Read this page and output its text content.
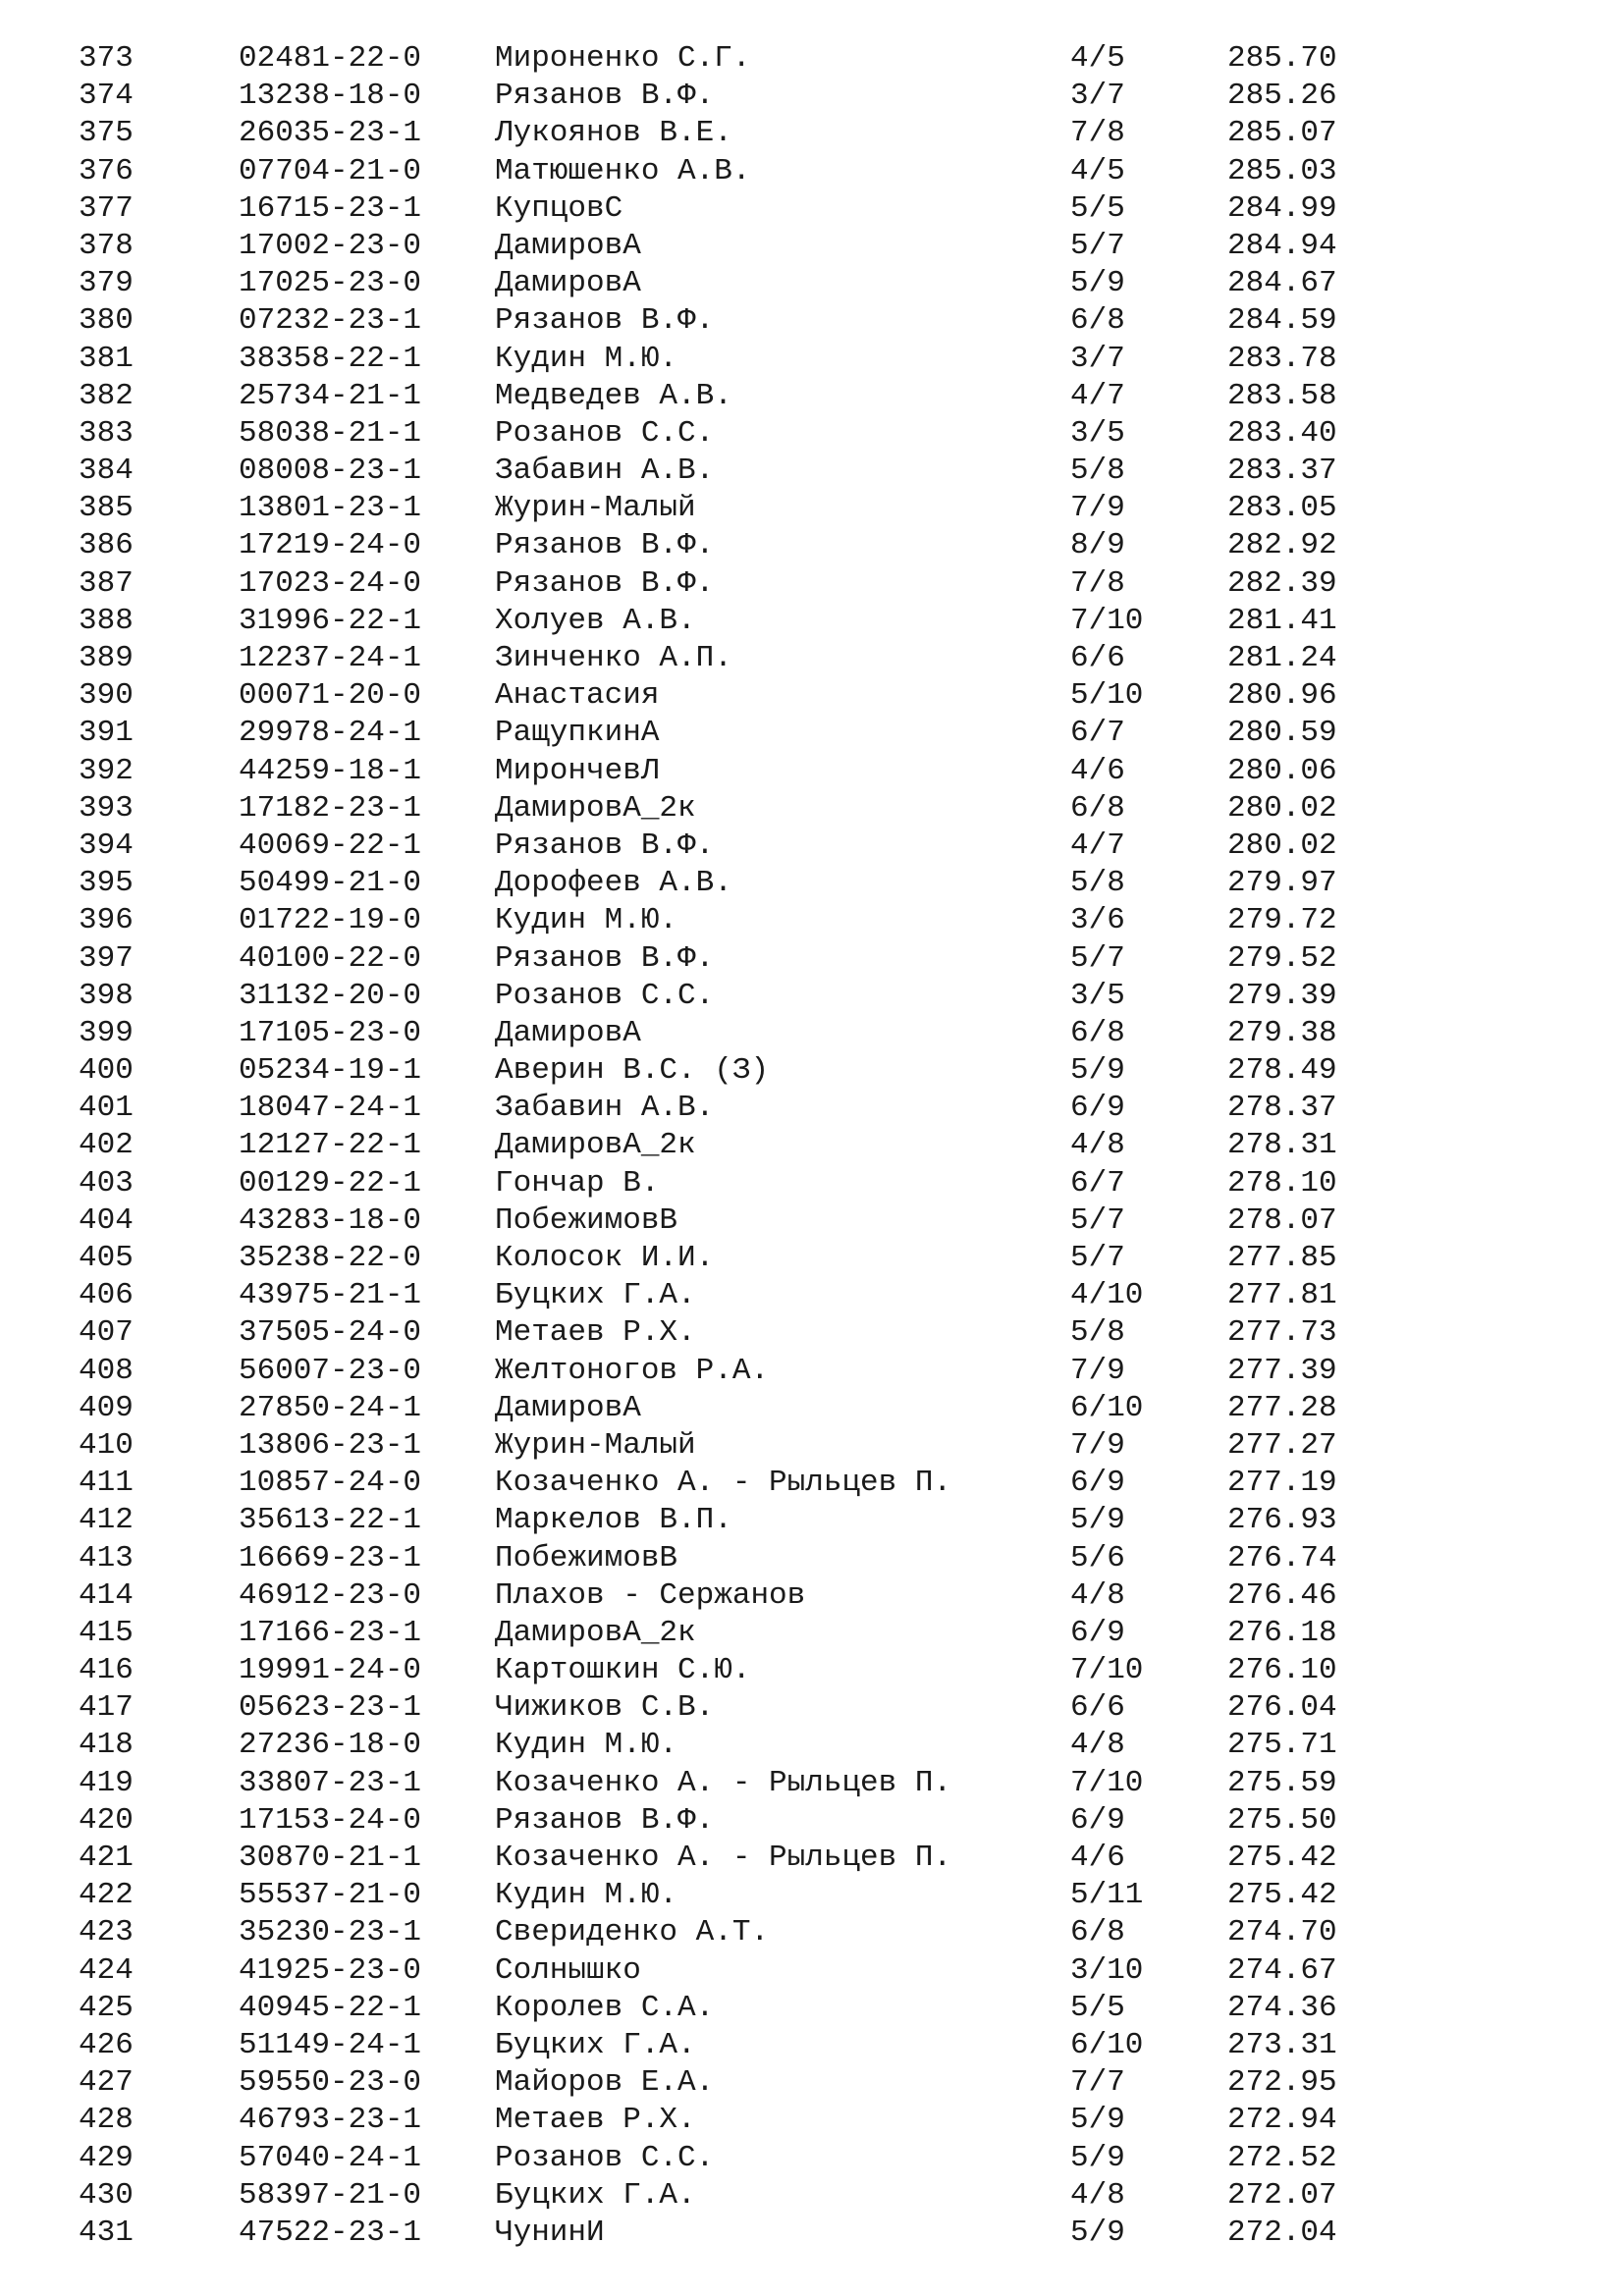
373	02481-22-0 Мироненко С.Г.	4/5	285.70
374	13238-18-0 Рязанов В.Ф.	3/7	285.26
375	26035-23-1 Лукоянов В.Е.	7/8	285.07
376	07704-21-0 Матюшенко А.В.	4/5	285.03
377	16715-23-1 КупцовС	5/5	284.99
378	17002-23-0 ДамировА	5/7	284.94
379	17025-23-0 ДамировА	5/9	284.67
380	07232-23-1 Рязанов В.Ф.	6/8	284.59
381	38358-22-1 Кудин М.Ю.	3/7	283.78
382	25734-21-1 Медведев А.В.	4/7	283.58
383	58038-21-1 Розанов С.С.	3/5	283.40
384	08008-23-1 Забавин А.В.	5/8	283.37
385	13801-23-1 Журин-Малый	7/9	283.05
386	17219-24-0 Рязанов В.Ф.	8/9	282.92
387	17023-24-0 Рязанов В.Ф.	7/8	282.39
388	31996-22-1 Холуев А.В.	7/10	281.41
389	12237-24-1 Зинченко А.П.	6/6	281.24
390	00071-20-0 Анастасия	5/10	280.96
391	29978-24-1 РащупкинА	6/7	280.59
392	44259-18-1 МирончевЛ	4/6	280.06
393	17182-23-1 ДамировА_2к	6/8	280.02
394	40069-22-1 Рязанов В.Ф.	4/7	280.02
395	50499-21-0 Дорофеев А.В.	5/8	279.97
396	01722-19-0 Кудин М.Ю.	3/6	279.72
397	40100-22-0 Рязанов В.Ф.	5/7	279.52
398	31132-20-0 Розанов С.С.	3/5	279.39
399	17105-23-0 ДамировА	6/8	279.38
400	05234-19-1 Аверин В.С. (З)	5/9	278.49
401	18047-24-1 Забавин А.В.	6/9	278.37
402	12127-22-1 ДамировА_2к	4/8	278.31
403	00129-22-1 Гончар В.	6/7	278.10
404	43283-18-0 ПобежимовВ	5/7	278.07
405	35238-22-0 Колосок И.И.	5/7	277.85
406	43975-21-1 Буцких Г.А.	4/10	277.81
407	37505-24-0 Метаев Р.Х.	5/8	277.73
408	56007-23-0 Желтоногов Р.А.	7/9	277.39
409	27850-24-1 ДамировА	6/10	277.28
410	13806-23-1 Журин-Малый	7/9	277.27
411	10857-24-0 Козаченко А. - Рыльцев П.	6/9	277.19
412	35613-22-1 Маркелов В.П.	5/9	276.93
413	16669-23-1 ПобежимовВ	5/6	276.74
414	46912-23-0 Плахов - Сержанов	4/8	276.46
415	17166-23-1 ДамировА_2к	6/9	276.18
416	19991-24-0 Картошкин С.Ю.	7/10	276.10
417	05623-23-1 Чижиков С.В.	6/6	276.04
418	27236-18-0 Кудин М.Ю.	4/8	275.71
419	33807-23-1 Козаченко А. - Рыльцев П.	7/10	275.59
420	17153-24-0 Рязанов В.Ф.	6/9	275.50
421	30870-21-1 Козаченко А. - Рыльцев П.	4/6	275.42
422	55537-21-0 Кудин М.Ю.	5/11	275.42
423	35230-23-1 Свериденко А.Т.	6/8	274.70
424	41925-23-0 Солнышко	3/10	274.67
425	40945-22-1 Королев С.А.	5/5	274.36
426	51149-24-1 Буцких Г.А.	6/10	273.31
427	59550-23-0 Майоров Е.А.	7/7	272.95
428	46793-23-1 Метаев Р.Х.	5/9	272.94
429	57040-24-1 Розанов С.С.	5/9	272.52
430	58397-21-0 Буцких Г.А.	4/8	272.07
431	47522-23-1 ЧунинИ	5/9	272.04
